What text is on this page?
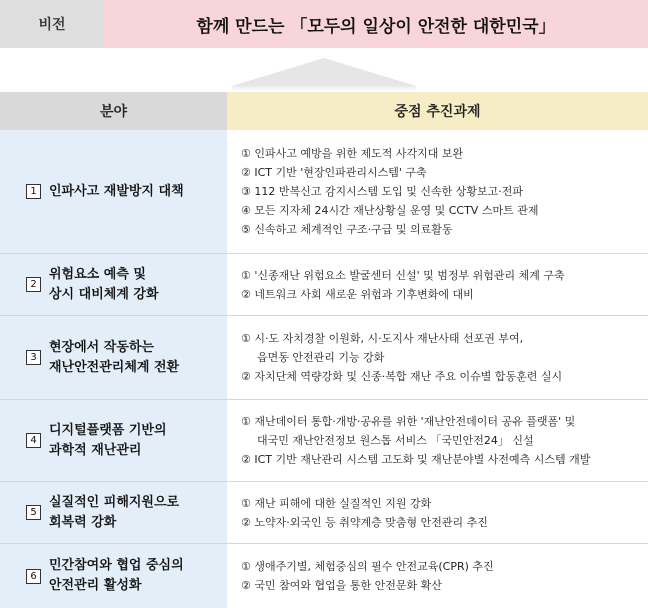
비전	함께 만드는 「모두의 일상이 안전한 대한민국」
분야	중점 추진과제
1 인파사고 재발방지 대책
① 인파사고 예방을 위한 제도적 사각지대 보완
② ICT 기반 '현장인파관리시스템' 구축
③ 112 반복신고 감지시스템 도입 및 신속한 상황보고·전파
④ 모든 지자체 24시간 재난상황실 운영 및 CCTV 스마트 관제
⑤ 신속하고 체계적인 구조·구급 및 의료활동
2
위험요소 예측 및
상시 대비체계 강화
① '신종재난 위험요소 발굴센터 신설' 및 범정부 위험관리 체계 구축
② 네트워크 사회 새로운 위험과 기후변화에 대비
3
현장에서 작동하는
재난안전관리체계 전환
① 시·도 자치경찰 이원화, 시·도지사 재난사태 선포권 부여,
읍면동 안전관리 기능 강화
② 자치단체 역량강화 및 신종·복합 재난 주요 이슈별 합동훈련 실시
4
디지털플랫폼 기반의
과학적 재난관리
① 재난데이터 통합·개방·공유를 위한 '재난안전데이터 공유 플랫폼' 및
대국민 재난안전정보 원스톱 서비스 「국민안전24」 신설
② ICT 기반 재난관리 시스템 고도화 및 재난분야별 사전예측 시스템 개발
5
실질적인 피해지원으로
회복력 강화
① 재난 피해에 대한 실질적인 지원 강화
② 노약자·외국인 등 취약계층 맞춤형 안전관리 추진
6
민간참여와 협업 중심의
안전관리 활성화
① 생애주기별, 체험중심의 필수 안전교육(CPR) 추진
② 국민 참여와 협업을 통한 안전문화 확산
